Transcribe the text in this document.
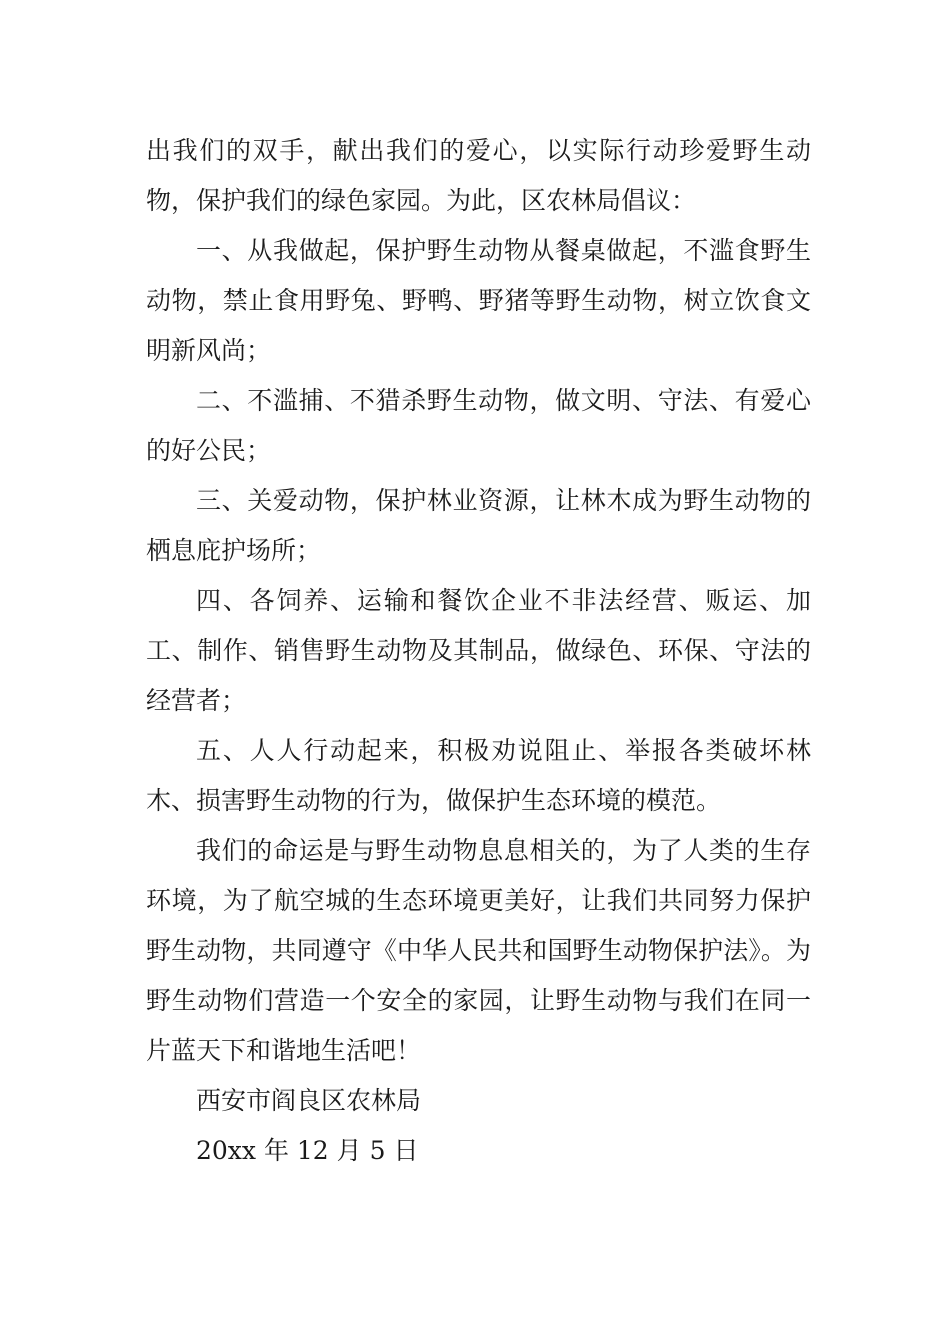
出我们的双手，献出我们的爱心，以实际行动珍爱野生动物，保护我们的绿色家园。为此，区农林局倡议：

一、从我做起，保护野生动物从餐桌做起，不滥食野生动物，禁止食用野兔、野鸭、野猪等野生动物，树立饮食文明新风尚；

二、不滥捕、不猎杀野生动物，做文明、守法、有爱心的好公民；

三、关爱动物，保护林业资源，让林木成为野生动物的栖息庇护场所；

四、各饲养、运输和餐饮企业不非法经营、贩运、加工、制作、销售野生动物及其制品，做绿色、环保、守法的经营者；

五、人人行动起来，积极劝说阻止、举报各类破坏林木、损害野生动物的行为，做保护生态环境的模范。

我们的命运是与野生动物息息相关的，为了人类的生存环境，为了航空城的生态环境更美好，让我们共同努力保护野生动物，共同遵守《中华人民共和国野生动物保护法》。为野生动物们营造一个安全的家园，让野生动物与我们在同一片蓝天下和谐地生活吧！

西安市阎良区农林局

20xx 年 12 月 5 日
